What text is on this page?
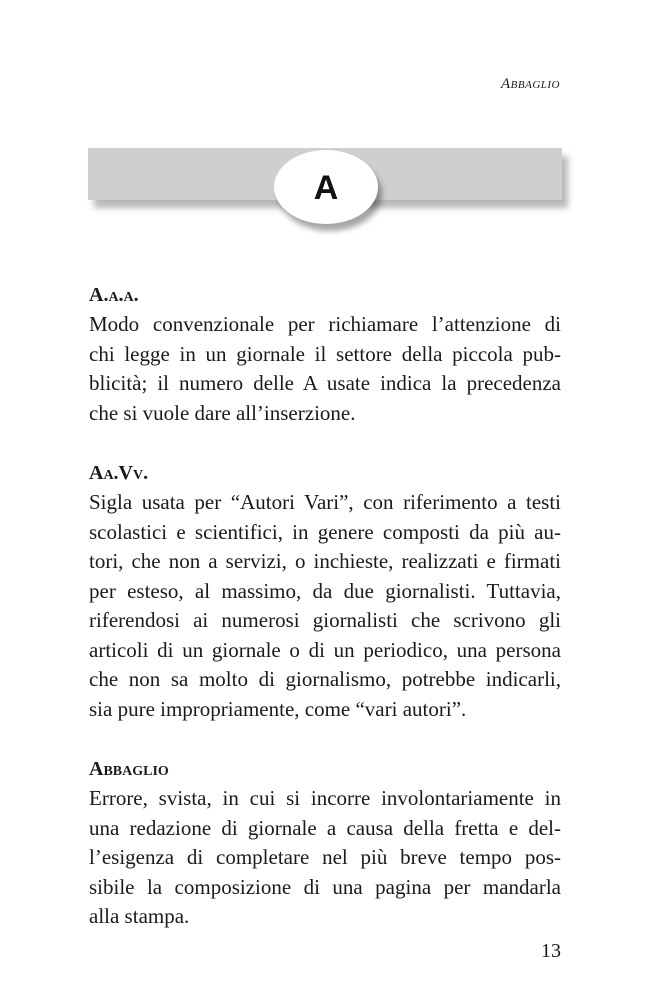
Abbaglio
A
A.a.a.
Modo convenzionale per richiamare l’attenzione di
chi legge in un giornale il settore della piccola pub-
blicità; il numero delle A usate indica la precedenza
che si vuole dare all’inserzione.
Aa.Vv.
Sigla usata per “Autori Vari”, con riferimento a testi
scolastici e scientifici, in genere composti da più au-
tori, che non a servizi, o inchieste, realizzati e firmati
per esteso, al massimo, da due giornalisti. Tuttavia,
riferendosi ai numerosi giornalisti che scrivono gli
articoli di un giornale o di un periodico, una persona
che non sa molto di giornalismo, potrebbe indicarli,
sia pure impropriamente, come “vari autori”.
Abbaglio
Errore, svista, in cui si incorre involontariamente in
una redazione di giornale a causa della fretta e del-
l’esigenza di completare nel più breve tempo pos-
sibile la composizione di una pagina per mandarla
alla stampa.
13
